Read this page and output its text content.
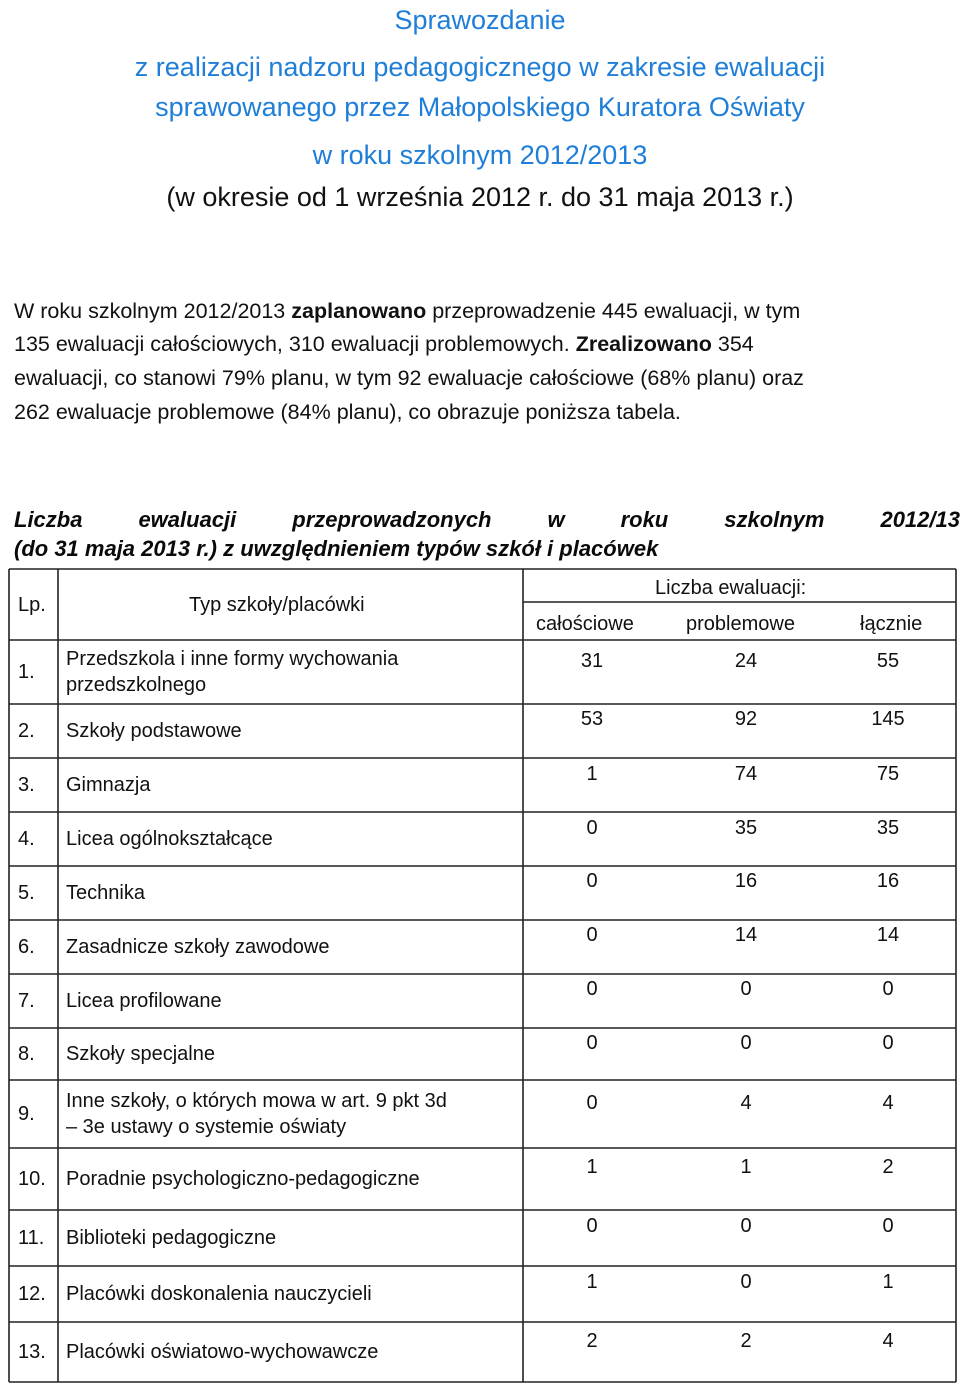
Sprawozdanie
z realizacji nadzoru pedagogicznego w zakresie ewaluacji
sprawowanego przez Małopolskiego Kuratora Oświaty
w roku szkolnym 2012/2013
(w okresie od 1 września 2012 r. do 31 maja 2013 r.)
W roku szkolnym 2012/2013 zaplanowano przeprowadzenie 445 ewaluacji, w tym
135 ewaluacji całościowych, 310 ewaluacji problemowych. Zrealizowano 354
ewaluacji, co stanowi 79% planu, w tym 92 ewaluacje całościowe (68% planu) oraz
262 ewaluacje problemowe (84% planu), co obrazuje poniższa tabela.
Liczba	ewaluacji	przeprowadzonych	w	roku	szkolnym	2012/13
(do 31 maja 2013 r.) z uwzględnieniem typów szkół i placówek
Lp.	Typ szkoły/placówki
Liczba ewaluacji:
całościowe	problemowe	łącznie
1.
Przedszkola i inne formy wychowania
przedszkolnego
31	24	55
2. Szkoły podstawowe
53	92	145
3. Gimnazja	1	74	75
4. Licea ogólnokształcące	0	35	35
5. Technika
0	16	16
6. Zasadnicze szkoły zawodowe
0	14	14
7. Licea profilowane
0	0	0
8. Szkoły specjalne	0	0	0
9.
Inne szkoły, o których mowa w art. 9 pkt 3d
– 3e ustawy o systemie oświaty
0	4	4
10. Poradnie psychologiczno-pedagogiczne
1	1	2
11. Biblioteki pedagogiczne
0	0	0
12. Placówki doskonalenia nauczycieli
1	0	1
13. Placówki oświatowo-wychowawcze	2	2	4
